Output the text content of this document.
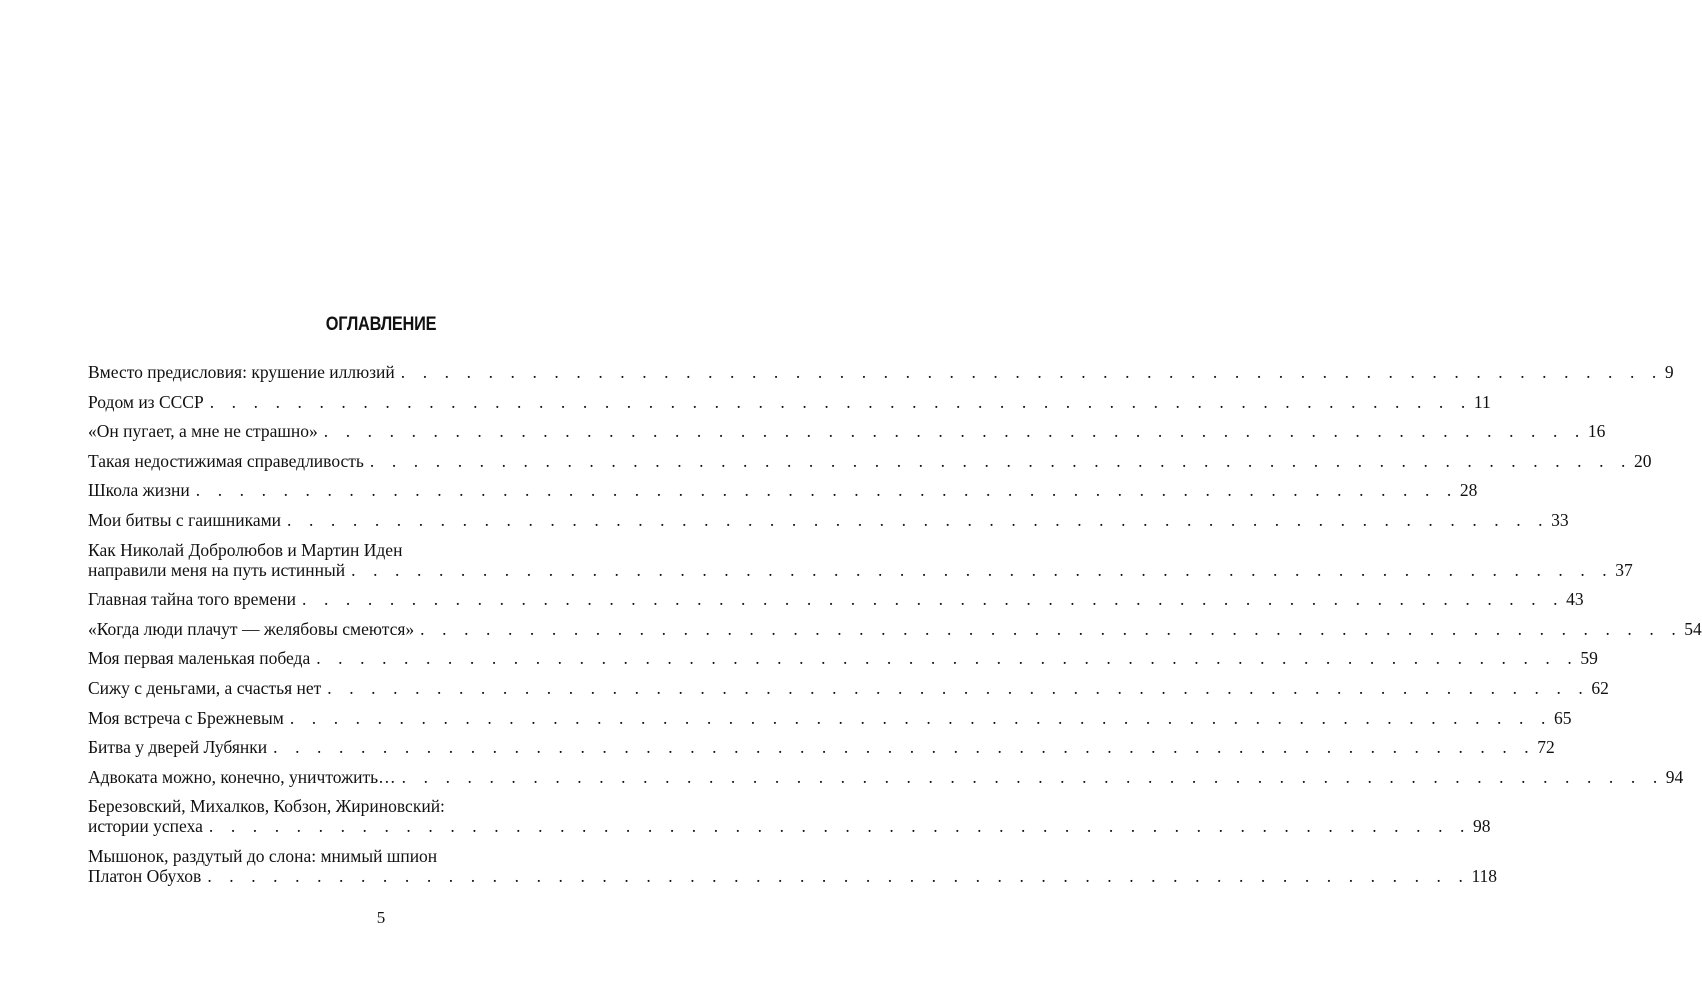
ОГЛАВЛЕНИЕ
Вместо предисловия: крушение иллюзий . . . . . . . . . . . . . . . . . . . . . . . . . . . . . . . . . . . . . . . . . . . . . . . . . . . . . . . . . . 9
Родом из СССР . . . . . . . . . . . . . . . . . . . . . . . . . . . . . . . . . . . . . . . . . . . . . . . . . . . . . . . . . . 11
«Он пугает, а мне не страшно» . . . . . . . . . . . . . . . . . . . . . . . . . . . . . . . . . . . . . . . . . . . . . . . . . . . . . . . . . . 16
Такая недостижимая справедливость . . . . . . . . . . . . . . . . . . . . . . . . . . . . . . . . . . . . . . . . . . . . . . . . . . . . . . . . . . 20
Школа жизни . . . . . . . . . . . . . . . . . . . . . . . . . . . . . . . . . . . . . . . . . . . . . . . . . . . . . . . . . . 28
Мои битвы с гаишниками . . . . . . . . . . . . . . . . . . . . . . . . . . . . . . . . . . . . . . . . . . . . . . . . . . . . . . . . . . 33
Как Николай Добролюбов и Мартин Иден
направили меня на путь истинный . . . . . . . . . . . . . . . . . . . . . . . . . . . . . . . . . . . . . . . . . . . . . . . . . . . . . . . . . . 37
Главная тайна того времени . . . . . . . . . . . . . . . . . . . . . . . . . . . . . . . . . . . . . . . . . . . . . . . . . . . . . . . . . . 43
«Когда люди плачут — желябовы смеются» . . . . . . . . . . . . . . . . . . . . . . . . . . . . . . . . . . . . . . . . . . . . . . . . . . . . . . . . . . 54
Моя первая маленькая победа . . . . . . . . . . . . . . . . . . . . . . . . . . . . . . . . . . . . . . . . . . . . . . . . . . . . . . . . . . 59
Сижу с деньгами, а счастья нет . . . . . . . . . . . . . . . . . . . . . . . . . . . . . . . . . . . . . . . . . . . . . . . . . . . . . . . . . . 62
Моя встреча с Брежневым . . . . . . . . . . . . . . . . . . . . . . . . . . . . . . . . . . . . . . . . . . . . . . . . . . . . . . . . . . 65
Битва у дверей Лубянки . . . . . . . . . . . . . . . . . . . . . . . . . . . . . . . . . . . . . . . . . . . . . . . . . . . . . . . . . . 72
Адвоката можно, конечно, уничтожить… . . . . . . . . . . . . . . . . . . . . . . . . . . . . . . . . . . . . . . . . . . . . . . . . . . . . . . . . . . 94
Березовский, Михалков, Кобзон, Жириновский:
истории успеха . . . . . . . . . . . . . . . . . . . . . . . . . . . . . . . . . . . . . . . . . . . . . . . . . . . . . . . . . . 98
Мышонок, раздутый до слона: мнимый шпион
Платон Обухов . . . . . . . . . . . . . . . . . . . . . . . . . . . . . . . . . . . . . . . . . . . . . . . . . . . . . . . . . . 118
5
